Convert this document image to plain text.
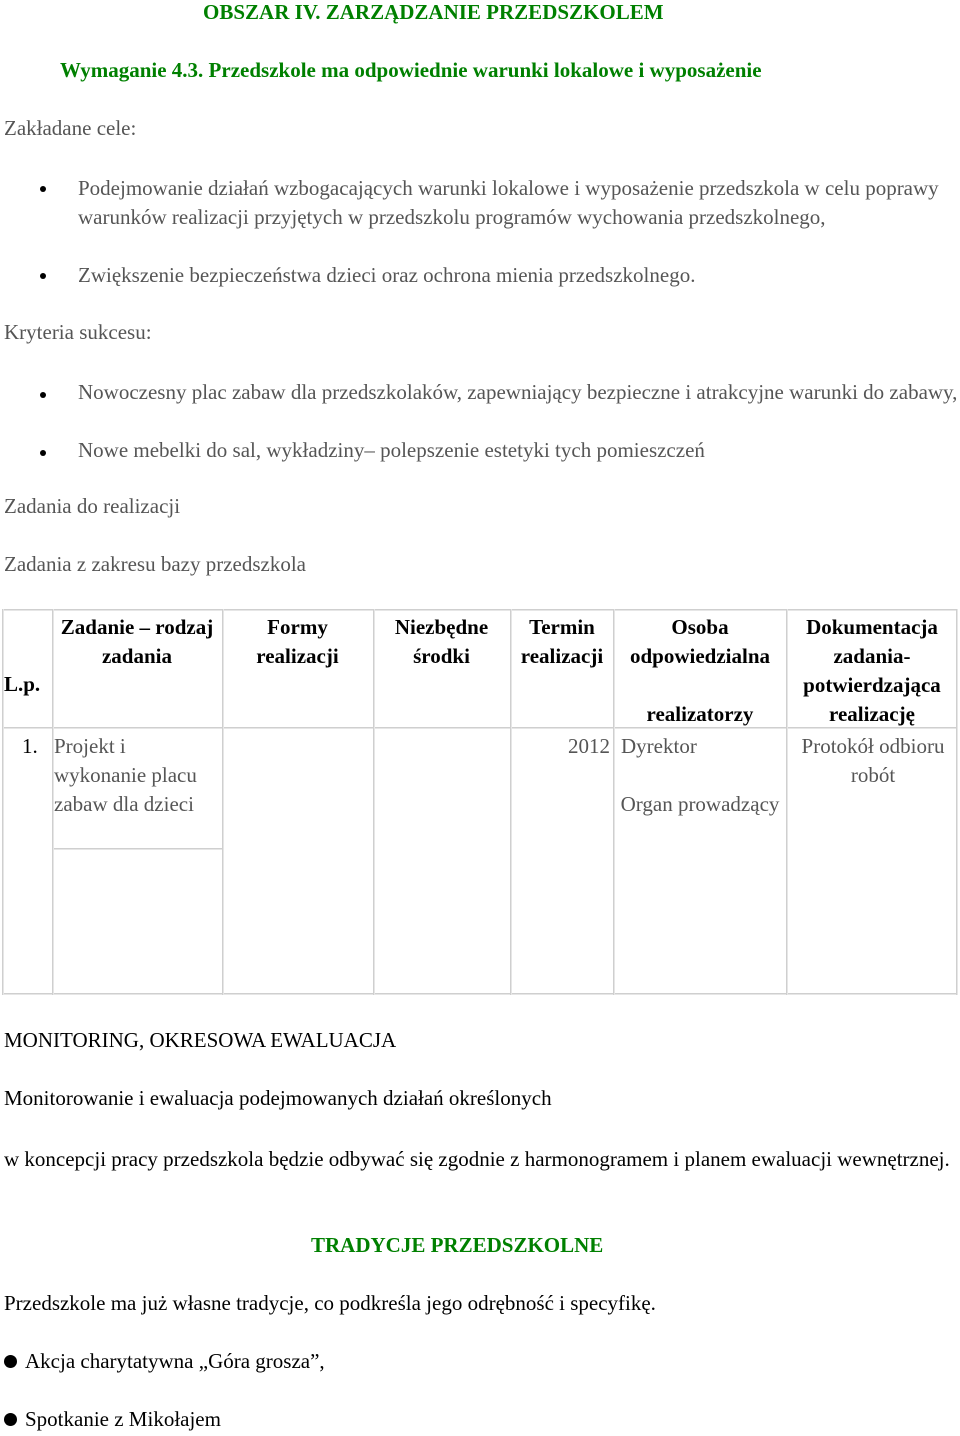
OBSZAR IV. ZARZĄDZANIE PRZEDSZKOLEM
Wymaganie 4.3. Przedszkole ma odpowiednie warunki lokalowe i wyposażenie
Zakładane cele:
Podejmowanie działań wzbogacających warunki lokalowe i wyposażenie przedszkola w celu poprawy warunków realizacji przyjętych w przedszkolu programów wychowania przedszkolnego,
Zwiększenie bezpieczeństwa dzieci oraz ochrona mienia przedszkolnego.
Kryteria sukcesu:
Nowoczesny plac zabaw dla przedszkolaków, zapewniający bezpieczne i atrakcyjne warunki do zabawy,
Nowe mebelki do sal, wykładziny– polepszenie estetyki tych pomieszczeń
Zadania do realizacji
Zadania z zakresu bazy przedszkola
L.p.
Zadanie – rodzaj zadania
Formy realizacji
Niezbędne środki
Termin realizacji
Osoba odpowiedzialna
realizatorzy
Dokumentacja zadania-potwierdzająca realizację
1. Projekt i wykonanie placu zabaw dla dzieci
2012 Dyrektor
Organ prowadzący
Protokół odbioru robót
MONITORING, OKRESOWA EWALUACJA
Monitorowanie i ewaluacja podejmowanych działań określonych
w koncepcji pracy przedszkola będzie odbywać się zgodnie z harmonogramem i planem ewaluacji wewnętrznej.
TRADYCJE PRZEDSZKOLNE
Przedszkole ma już własne tradycje, co podkreśla jego odrębność i specyfikę.
Akcja charytatywna „Góra grosza”,
Spotkanie z Mikołajem
